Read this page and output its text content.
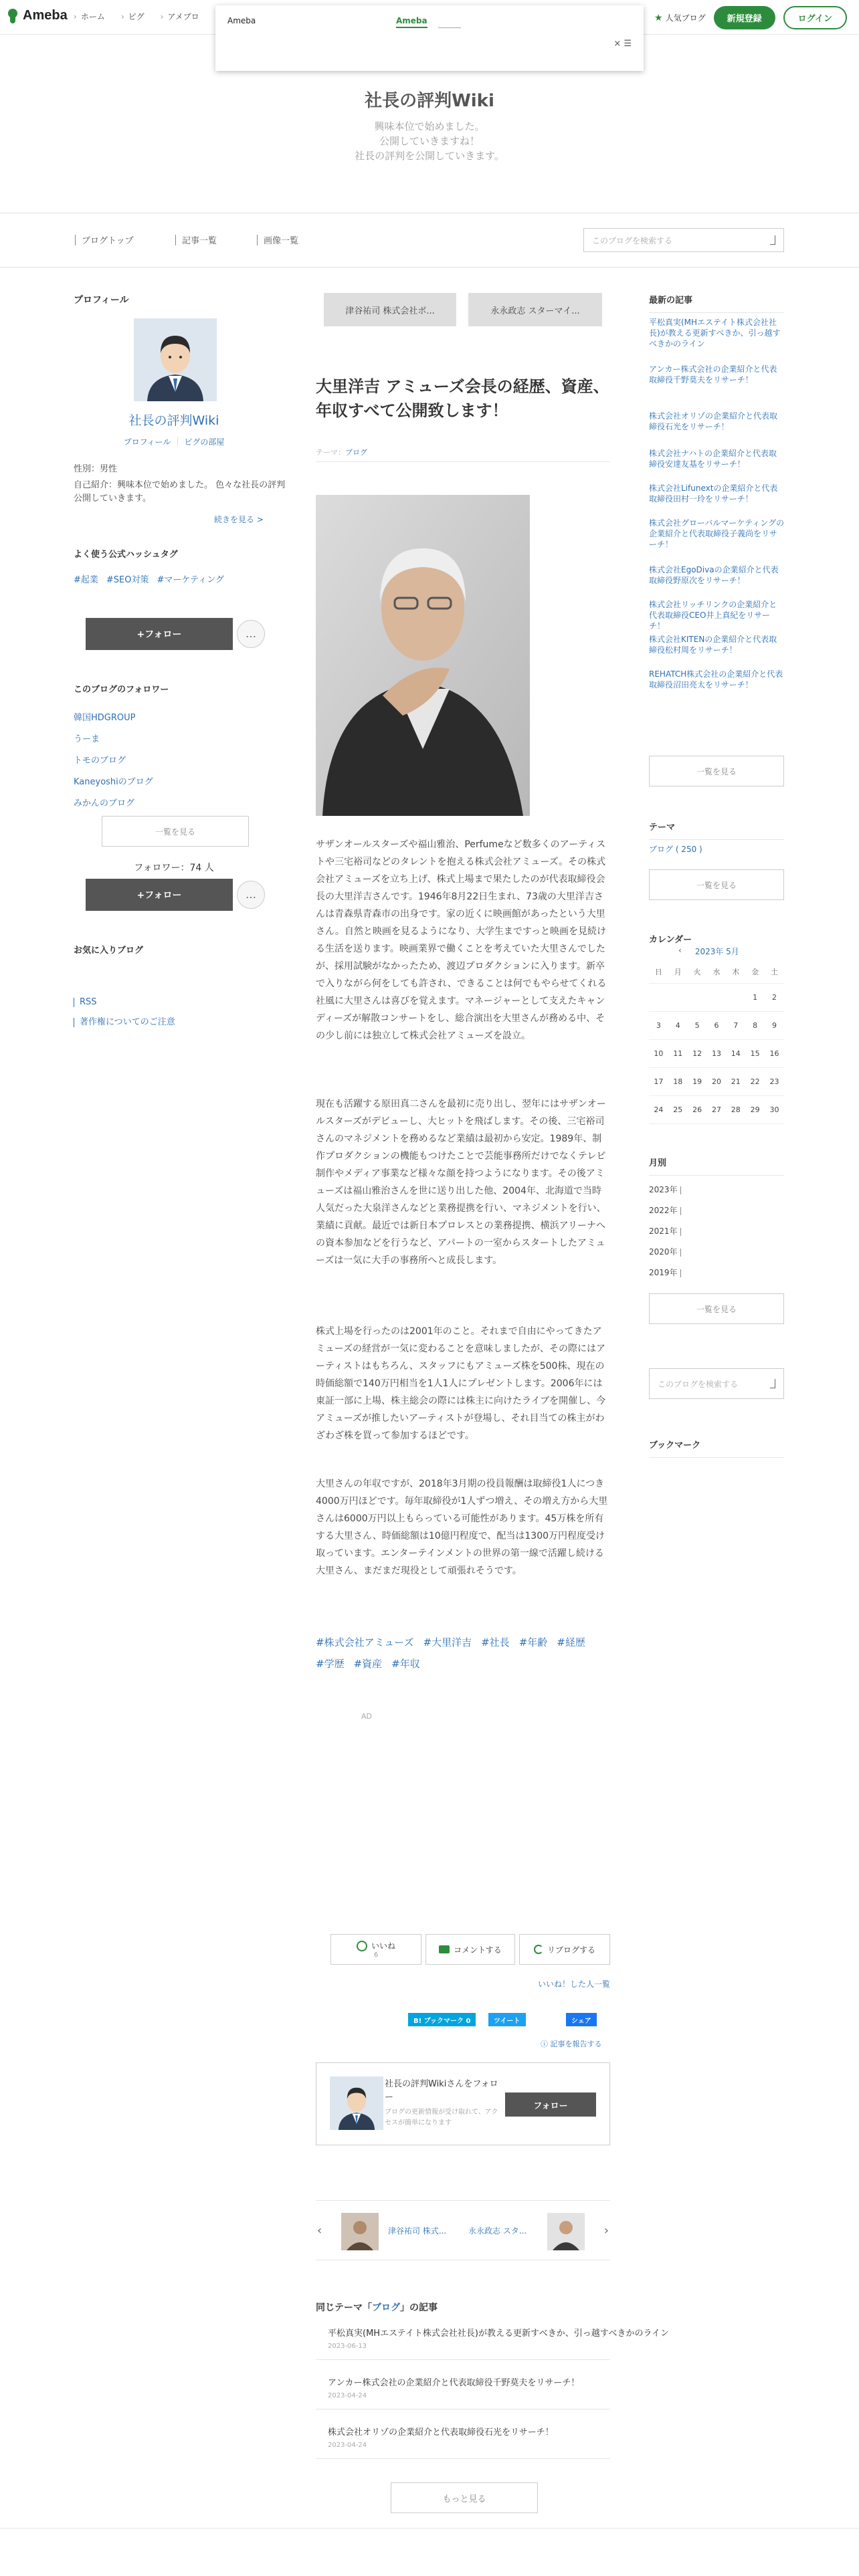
Ameba	› ホーム	› ピグ	› アメブロ	★ 人気ブログ	新規登録	ログイン
Ameba	Ameba
× ☰
社長の評判Wiki
興味本位で始めました。
公開していきますね！
社長の評判を公開していきます。
ブログトップ	記事一覧	画像一覧	このブログを検索する
プロフィール
社長の評判Wiki
プロフィール ｜ ピグの部屋
性別：男性
自己紹介：興味本位で始めました。 色々な社長の評判公開していきます。
続きを見る >
よく使う公式ハッシュタグ
#起業 #SEO対策 #マーケティング
+フォロー	…
このブログのフォロワー
韓国HDGROUP
うーま
トモのブログ
Kaneyoshiのブログ
みかんのブログ
一覧を見る
フォロワー：74 人
+フォロー	…
お気に入りブログ
RSS
著作権についてのご注意
津谷祐司 株式会社ボ...	永永政志 スターマイ...
大里洋吉 アミューズ会長の経歴、資産、年収すべて公開致します！
テーマ：ブログ

サザンオールスターズや福山雅治、Perfumeなど数多くのアーティストや三宅裕司などのタレントを抱える株式会社アミューズ。その株式会社アミューズを立ち上げ、株式上場まで果たしたのが代表取締役会長の大里洋吉さんです。1946年8月22日生まれ、73歳の大里洋吉さんは青森県青森市の出身です。家の近くに映画館があったという大里さん。自然と映画を見るようになり、大学生まですっと映画を見続ける生活を送ります。映画業界で働くことを考えていた大里さんでしたが、採用試験がなかったため、渡辺プロダクションに入ります。新卒で入りながら何をしても許され、できることは何でもやらせてくれる社風に大里さんは喜びを覚えます。マネージャーとして支えたキャンディーズが解散コンサートをし、総合演出を大里さんが務める中、その少し前には独立して株式会社アミューズを設立。

現在も活躍する原田真二さんを最初に売り出し、翌年にはサザンオールスターズがデビューし、大ヒットを飛ばします。その後、三宅裕司さんのマネジメントを務めるなど業績は最初から安定。1989年、制作プロダクションの機能もつけたことで芸能事務所だけでなくテレビ制作やメディア事業など様々な顔を持つようになります。その後アミューズは福山雅治さんを世に送り出した他、2004年、北海道で当時人気だった大泉洋さんなどと業務提携を行い、マネジメントを行い、業績に貢献。最近では新日本プロレスとの業務提携、横浜アリーナへの資本参加などを行うなど、アパートの一室からスタートしたアミューズは一気に大手の事務所へと成長します。

株式上場を行ったのは2001年のこと。それまで自由にやってきたアミューズの経営が一気に変わることを意味しましたが、その際にはアーティストはもちろん、スタッフにもアミューズ株を500株、現在の時価総額で140万円相当を1人1人にプレゼントします。2006年には東証一部に上場、株主総会の際には株主に向けたライブを開催し、今アミューズが推したいアーティストが登場し、それ目当ての株主がわざわざ株を買って参加するほどです。

大里さんの年収ですが、2018年3月期の役員報酬は取締役1人につき4000万円ほどです。毎年取締役が1人ずつ増え、その増え方から大里さんは6000万円以上もらっている可能性があります。45万株を所有する大里さん、時価総額は10億円程度で、配当は1300万円程度受け取っています。エンターテインメントの世界の第一線で活躍し続ける大里さん、まだまだ現役として頑張れそうです。

#株式会社アミューズ #大里洋吉 #社長 #年齢 #経歴
#学歴 #資産 #年収
AD
いいね
6
コメントする	リブログする
いいね！した人一覧
B! ブックマーク 0	ツイート	シェア
ⓘ 記事を報告する
社長の評判Wikiさんをフォロー
ブログの更新情報が受け取れて、アクセスが簡単になります
フォロー
‹	津谷祐司 株式...	永永政志 スタ...	›
同じテーマ「ブログ」の記事
平松真実(MHエステイト株式会社社長)が教える更新すべきか、引っ越すべきかのライン
2023-06-13
アンカー株式会社の企業紹介と代表取締役千野莫夫をリサーチ！
2023-04-24
株式会社オリゾの企業紹介と代表取締役石光をリサーチ！
2023-04-24
もっと見る
最新の記事
平松真実(MHエステイト株式会社社長)が教える更新すべきか、引っ越すべきかのライン
アンカー株式会社の企業紹介と代表取締役千野莫夫をリサーチ！
株式会社オリゾの企業紹介と代表取締役石光をリサーチ！
株式会社ナハトの企業紹介と代表取締役安達友基をリサーチ！
株式会社Lifunextの企業紹介と代表取締役田村一玲をリサーチ！
株式会社グローバルマーケティングの企業紹介と代表取締役子義尚をリサーチ！
株式会社EgoDivaの企業紹介と代表取締役野原次をリサーチ！
株式会社リッチリンクの企業紹介と代表取締役CEO井上真紀をリサーチ！
株式会社KITENの企業紹介と代表取締役松村周をリサーチ！
REHATCH株式会社の企業紹介と代表取締役沼田亮太をリサーチ！
一覧を見る
テーマ
ブログ ( 250 )
一覧を見る
カレンダー
‹ 2023年 5月
日	月	火	水	木	金	土
					1	2
3	4	5	6	7	8	9
10	11	12	13	14	15	16
17	18	19	20	21	22	23
24	25	26	27	28	29	30
月別
2023年
2022年
2021年
2020年
2019年
一覧を見る
このブログを検索する
ブックマーク
